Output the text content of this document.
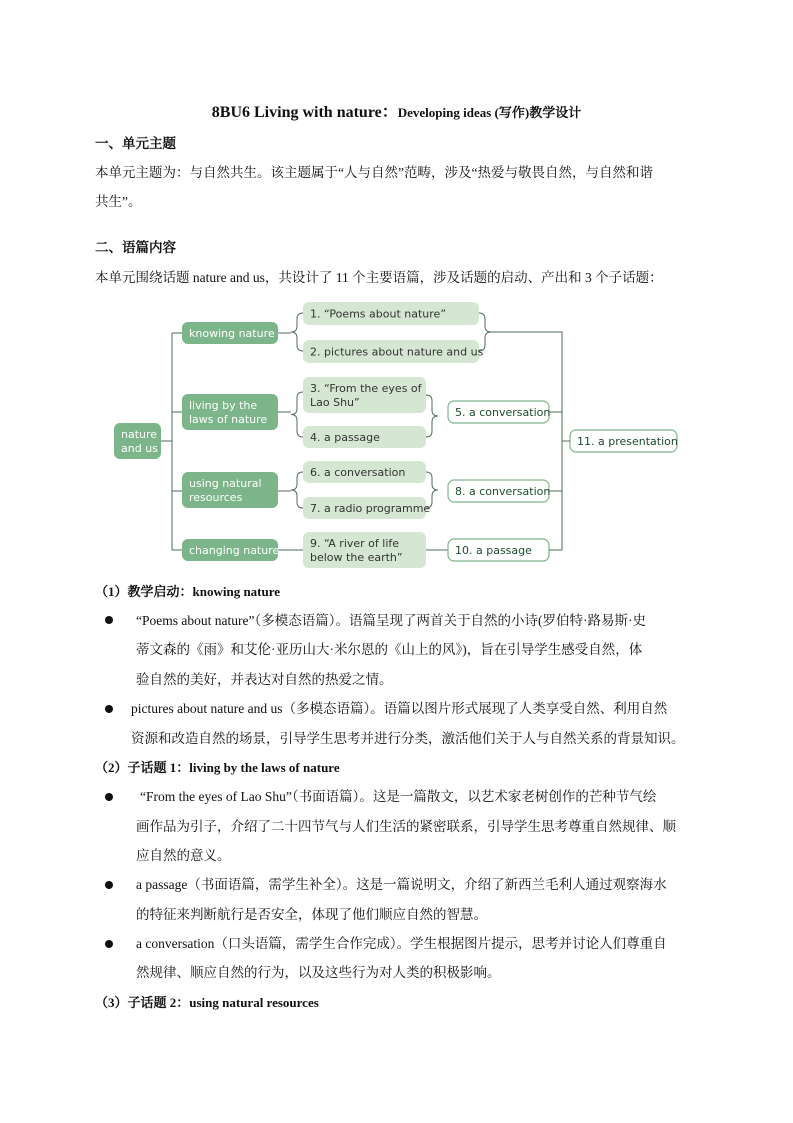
8BU6 Living with nature：Developing ideas (写作)教学设计
一、单元主题
本单元主题为：与自然共生。该主题属于“人与自然”范畴，涉及“热爱与敬畏自然，与自然和谐
共生”。
二、语篇内容
本单元围绕话题 nature and us，共设计了 11 个主要语篇，涉及话题的启动、产出和 3 个子话题：
nature
and us
knowing nature
living by the
laws of nature
using natural
resources
changing nature
1. “Poems about nature”
2. pictures about nature and us
3. “From the eyes of
Lao Shu”
4. a passage
6. a conversation
7. a radio programme
9. “A river of life
below the earth”
5. a conversation
8. a conversation
10. a passage
11. a presentation
（1）教学启动：knowing nature
“Poems about nature”（多模态语篇）。语篇呈现了两首关于自然的小诗(罗伯特·路易斯·史
蒂文森的《雨》和艾伦·亚历山大·米尔恩的《山上的风》)，旨在引导学生感受自然，体
验自然的美好，并表达对自然的热爱之情。
pictures about nature and us（多模态语篇）。语篇以图片形式展现了人类享受自然、利用自然
资源和改造自然的场景，引导学生思考并进行分类，激活他们关于人与自然关系的背景知识。
（2）子话题 1：living by the laws of nature
“From the eyes of Lao Shu”（书面语篇）。这是一篇散文，以艺术家老树创作的芒种节气绘
画作品为引子，介绍了二十四节气与人们生活的紧密联系，引导学生思考尊重自然规律、顺
应自然的意义。
a passage（书面语篇，需学生补全）。这是一篇说明文，介绍了新西兰毛利人通过观察海水
的特征来判断航行是否安全，体现了他们顺应自然的智慧。
a conversation（口头语篇，需学生合作完成）。学生根据图片提示，思考并讨论人们尊重自
然规律、顺应自然的行为，以及这些行为对人类的积极影响。
（3）子话题 2：using natural resources
